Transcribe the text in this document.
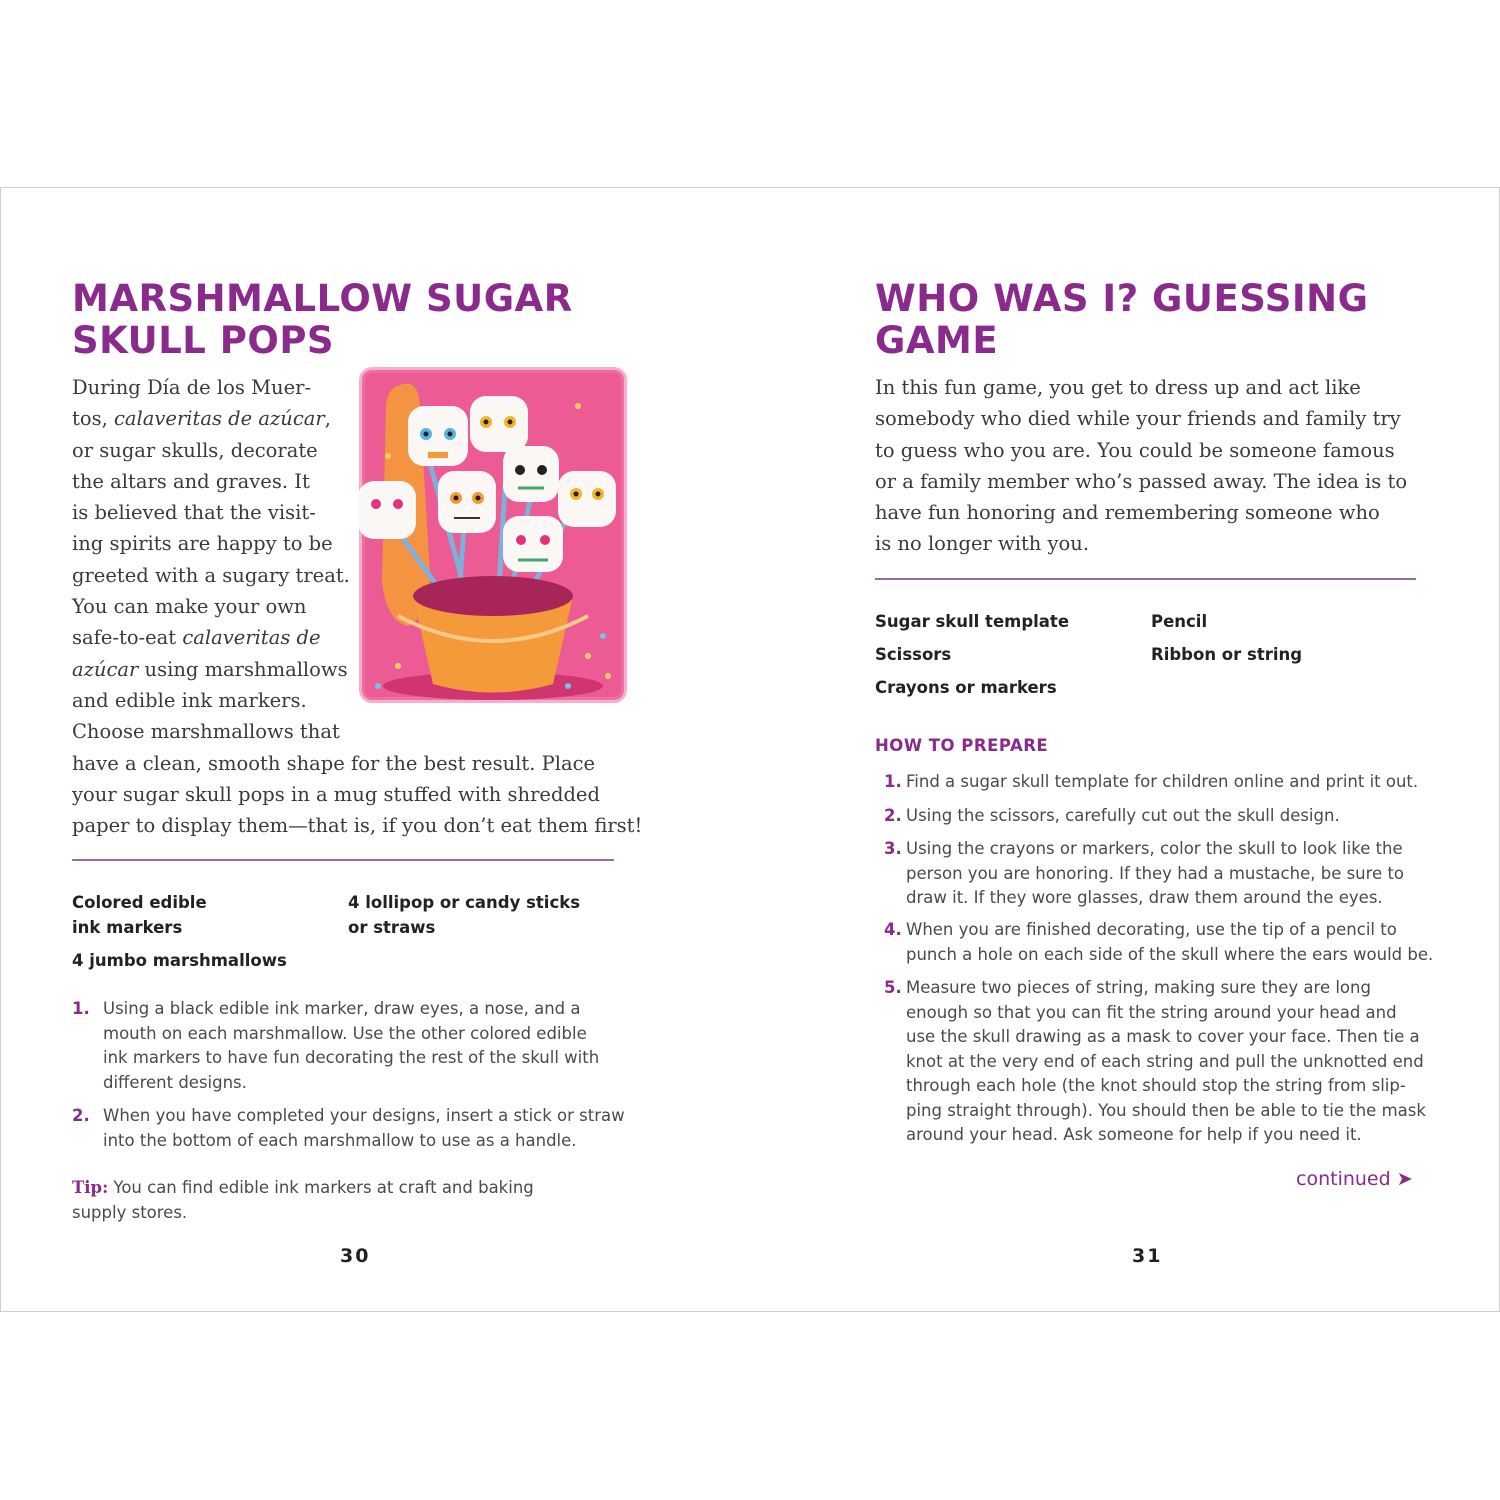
MARSHMALLOW SUGAR
SKULL POPS
During Día de los Muer-
tos, calaveritas de azúcar,
or sugar skulls, decorate
the altars and graves. It
is believed that the visit-
ing spirits are happy to be
greeted with a sugary treat.
You can make your own
safe-to-eat calaveritas de
azúcar using marshmallows
and edible ink markers.
Choose marshmallows that
have a clean, smooth shape for the best result. Place
your sugar skull pops in a mug stuffed with shredded
paper to display them—that is, if you don’t eat them first!
Colored edible
ink markers
4 lollipop or candy sticks
or straws
4 jumbo marshmallows
1. Using a black edible ink marker, draw eyes, a nose, and a
mouth on each marshmallow. Use the other colored edible
ink markers to have fun decorating the rest of the skull with
different designs.
2. When you have completed your designs, insert a stick or straw
into the bottom of each marshmallow to use as a handle.
Tip: You can find edible ink markers at craft and baking
supply stores.
30
WHO WAS I? GUESSING
GAME
In this fun game, you get to dress up and act like
somebody who died while your friends and family try
to guess who you are. You could be someone famous
or a family member who’s passed away. The idea is to
have fun honoring and remembering someone who
is no longer with you.
Sugar skull template	Pencil
Scissors	Ribbon or string
Crayons or markers
HOW TO PREPARE
1. Find a sugar skull template for children online and print it out.
2. Using the scissors, carefully cut out the skull design.
3. Using the crayons or markers, color the skull to look like the
person you are honoring. If they had a mustache, be sure to
draw it. If they wore glasses, draw them around the eyes.
4. When you are finished decorating, use the tip of a pencil to
punch a hole on each side of the skull where the ears would be.
5. Measure two pieces of string, making sure they are long
enough so that you can fit the string around your head and
use the skull drawing as a mask to cover your face. Then tie a
knot at the very end of each string and pull the unknotted end
through each hole (the knot should stop the string from slip-
ping straight through). You should then be able to tie the mask
around your head. Ask someone for help if you need it.
continued ➤
31
